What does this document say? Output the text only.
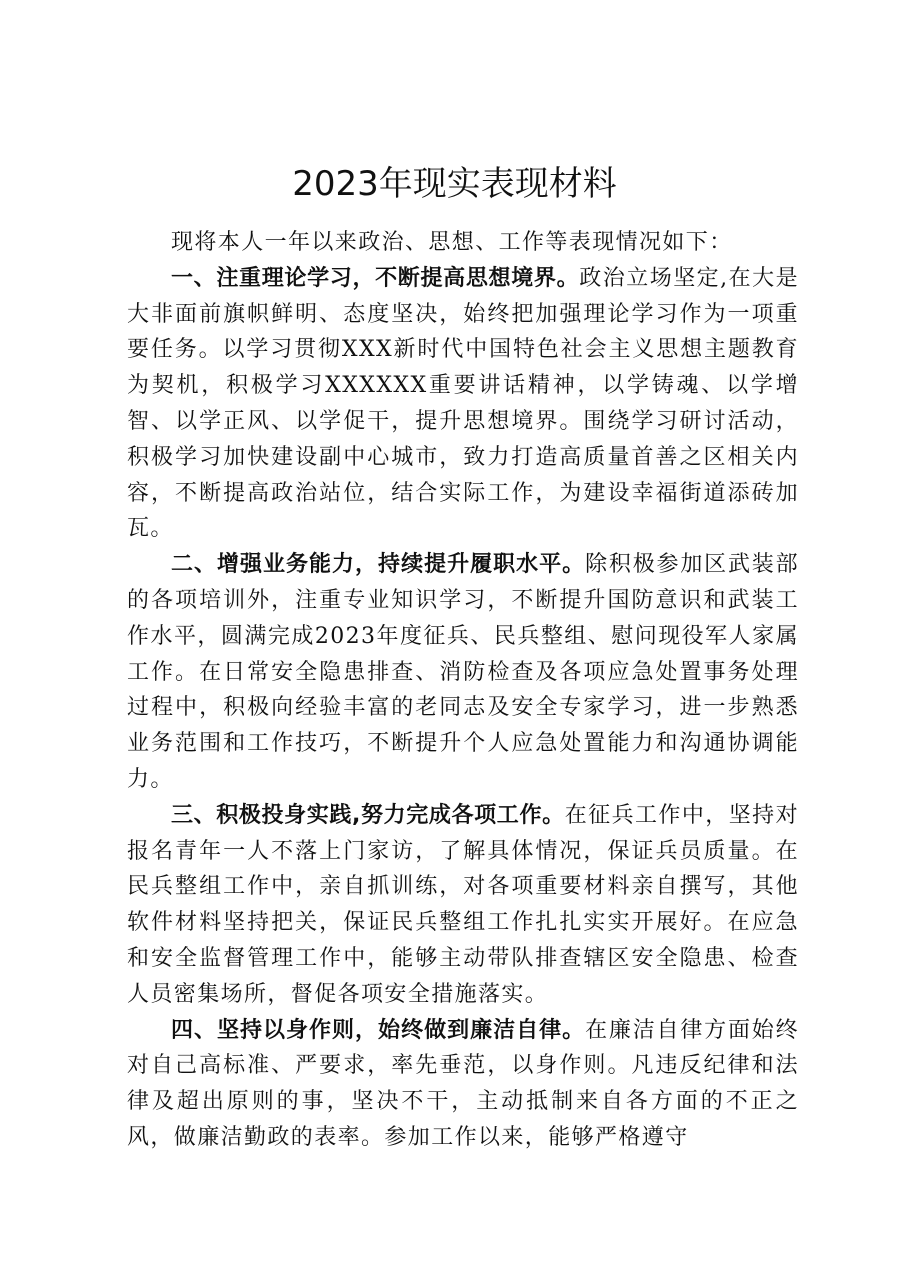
2023年现实表现材料

现将本人一年以来政治、思想、工作等表现情况如下：

一、注重理论学习，不断提高思想境界。政治立场坚定,在大是大非面前旗帜鲜明、态度坚决，始终把加强理论学习作为一项重要任务。以学习贯彻XXX新时代中国特色社会主义思想主题教育为契机，积极学习XXXXXX重要讲话精神，以学铸魂、以学增智、以学正风、以学促干，提升思想境界。围绕学习研讨活动，积极学习加快建设副中心城市，致力打造高质量首善之区相关内容，不断提高政治站位，结合实际工作，为建设幸福街道添砖加瓦。

二、增强业务能力，持续提升履职水平。除积极参加区武装部的各项培训外，注重专业知识学习，不断提升国防意识和武装工作水平，圆满完成2023年度征兵、民兵整组、慰问现役军人家属工作。在日常安全隐患排查、消防检查及各项应急处置事务处理过程中，积极向经验丰富的老同志及安全专家学习，进一步熟悉业务范围和工作技巧，不断提升个人应急处置能力和沟通协调能力。

三、积极投身实践,努力完成各项工作。在征兵工作中，坚持对报名青年一人不落上门家访，了解具体情况，保证兵员质量。在民兵整组工作中，亲自抓训练，对各项重要材料亲自撰写，其他软件材料坚持把关，保证民兵整组工作扎扎实实开展好。在应急和安全监督管理工作中，能够主动带队排查辖区安全隐患、检查人员密集场所，督促各项安全措施落实。

四、坚持以身作则，始终做到廉洁自律。在廉洁自律方面始终对自己高标准、严要求，率先垂范，以身作则。凡违反纪律和法律及超出原则的事，坚决不干，主动抵制来自各方面的不正之风，做廉洁勤政的表率。参加工作以来，能够严格遵守
